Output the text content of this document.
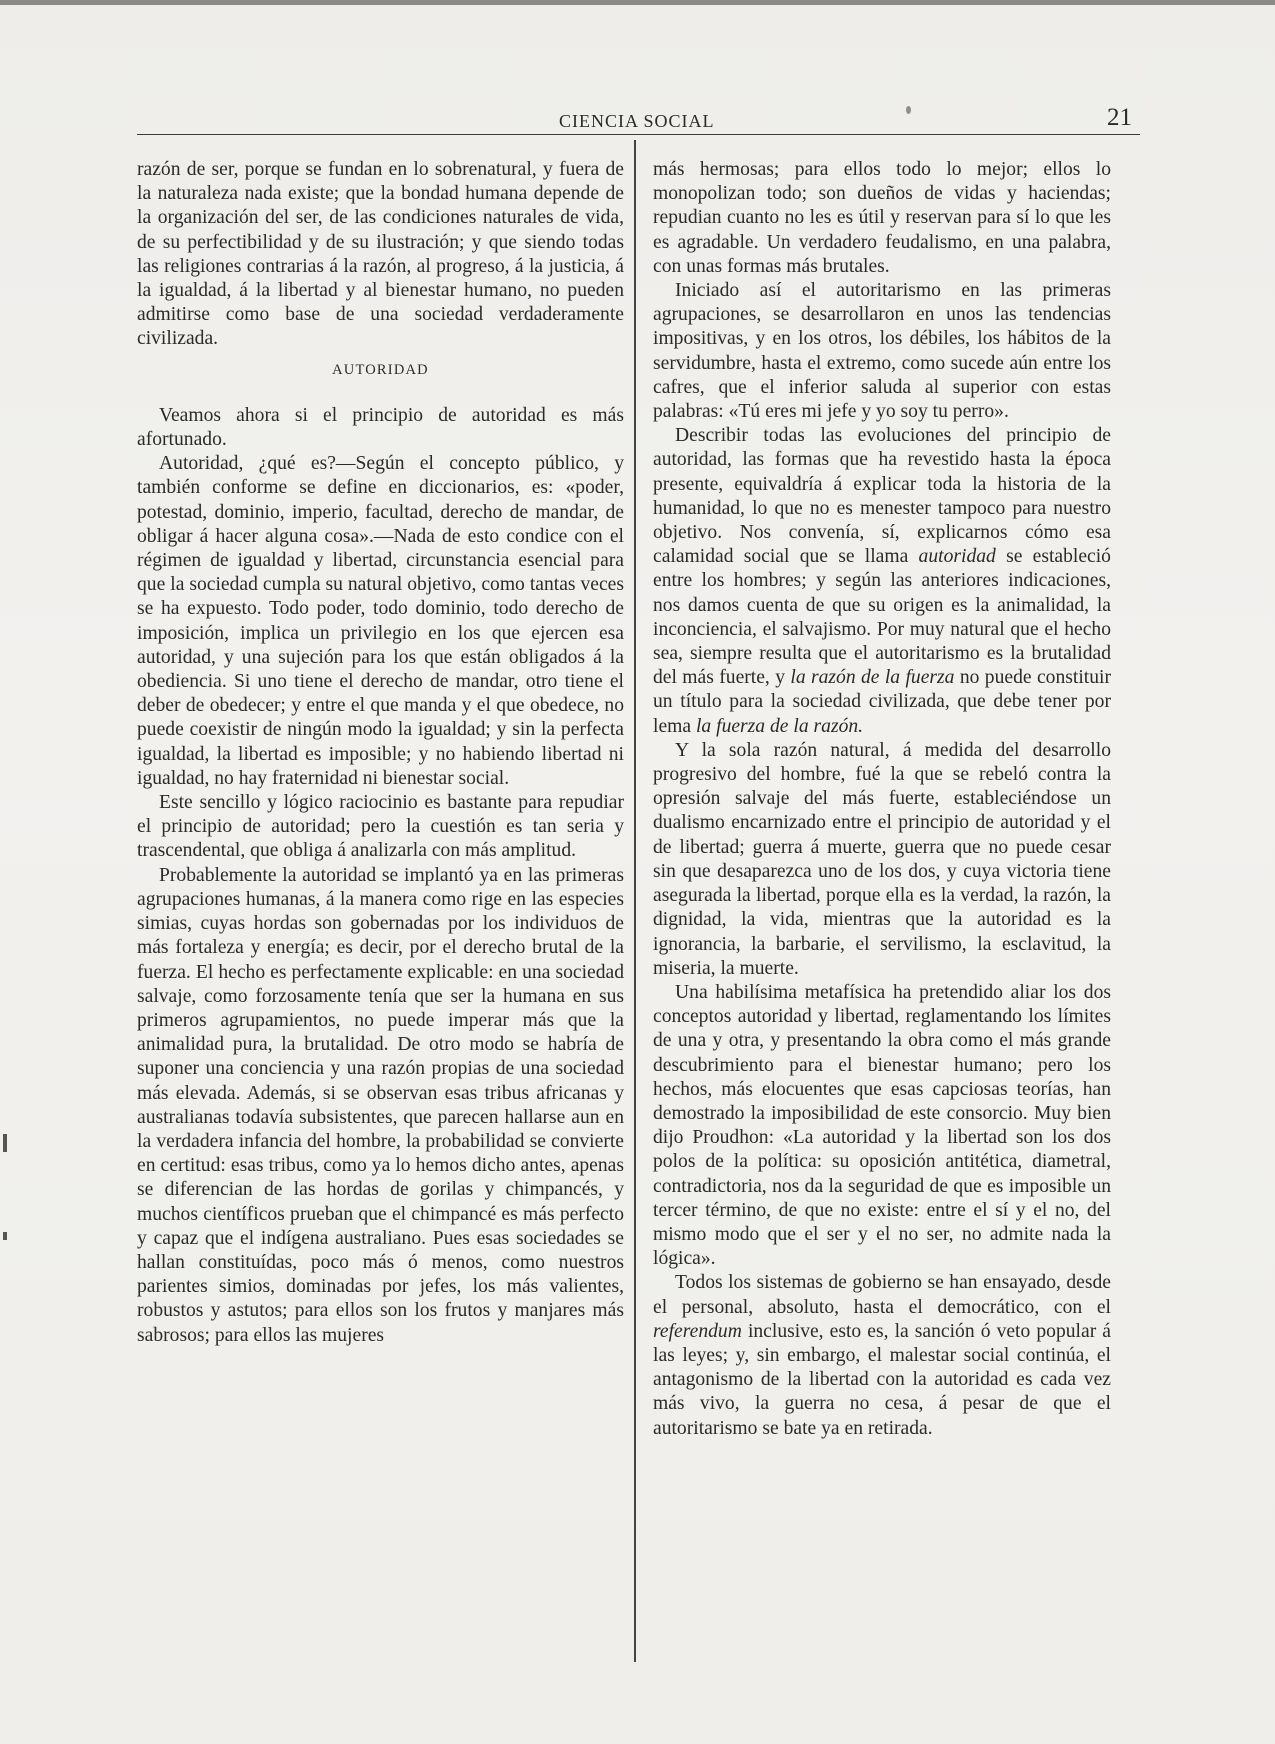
CIENCIA SOCIAL	21

razón de ser, porque se fundan en lo sobrenatural, y fuera de la naturaleza nada existe; que la bondad humana depende de la organización del ser, de las condiciones naturales de vida, de su perfectibilidad y de su ilustración; y que siendo todas las religiones contrarias á la razón, al progreso, á la justicia, á la igualdad, á la libertad y al bienestar humano, no pueden admitirse como base de una sociedad verdaderamente civilizada.

AUTORIDAD

Veamos ahora si el principio de autoridad es más afortunado.

Autoridad, ¿qué es?—Según el concepto público, y también conforme se define en diccionarios, es: «poder, potestad, dominio, imperio, facultad, derecho de mandar, de obligar á hacer alguna cosa».—Nada de esto condice con el régimen de igualdad y libertad, circunstancia esencial para que la sociedad cumpla su natural objetivo, como tantas veces se ha expuesto. Todo poder, todo dominio, todo derecho de imposición, implica un privilegio en los que ejercen esa autoridad, y una sujeción para los que están obligados á la obediencia. Si uno tiene el derecho de mandar, otro tiene el deber de obedecer; y entre el que manda y el que obedece, no puede coexistir de ningún modo la igualdad; y sin la perfecta igualdad, la libertad es imposible; y no habiendo libertad ni igualdad, no hay fraternidad ni bienestar social.

Este sencillo y lógico raciocinio es bastante para repudiar el principio de autoridad; pero la cuestión es tan seria y trascendental, que obliga á analizarla con más amplitud.

Probablemente la autoridad se implantó ya en las primeras agrupaciones humanas, á la manera como rige en las especies simias, cuyas hordas son gobernadas por los individuos de más fortaleza y energía; es decir, por el derecho brutal de la fuerza. El hecho es perfectamente explicable: en una sociedad salvaje, como forzosamente tenía que ser la humana en sus primeros agrupamientos, no puede imperar más que la animalidad pura, la brutalidad. De otro modo se habría de suponer una conciencia y una razón propias de una sociedad más elevada. Además, si se observan esas tribus africanas y australianas todavía subsistentes, que parecen hallarse aun en la verdadera infancia del hombre, la probabilidad se convierte en certitud: esas tribus, como ya lo hemos dicho antes, apenas se diferencian de las hordas de gorilas y chimpancés, y muchos científicos prueban que el chimpancé es más perfecto y capaz que el indígena australiano. Pues esas sociedades se hallan constituídas, poco más ó menos, como nuestros parientes simios, dominadas por jefes, los más valientes, robustos y astutos; para ellos son los frutos y manjares más sabrosos; para ellos las mujeres

más hermosas; para ellos todo lo mejor; ellos lo monopolizan todo; son dueños de vidas y haciendas; repudian cuanto no les es útil y reservan para sí lo que les es agradable. Un verdadero feudalismo, en una palabra, con unas formas más brutales.

Iniciado así el autoritarismo en las primeras agrupaciones, se desarrollaron en unos las tendencias impositivas, y en los otros, los débiles, los hábitos de la servidumbre, hasta el extremo, como sucede aún entre los cafres, que el inferior saluda al superior con estas palabras: «Tú eres mi jefe y yo soy tu perro».

Describir todas las evoluciones del principio de autoridad, las formas que ha revestido hasta la época presente, equivaldría á explicar toda la historia de la humanidad, lo que no es menester tampoco para nuestro objetivo. Nos convenía, sí, explicarnos cómo esa calamidad social que se llama autoridad se estableció entre los hombres; y según las anteriores indicaciones, nos damos cuenta de que su origen es la animalidad, la inconciencia, el salvajismo. Por muy natural que el hecho sea, siempre resulta que el autoritarismo es la brutalidad del más fuerte, y la razón de la fuerza no puede constituir un título para la sociedad civilizada, que debe tener por lema la fuerza de la razón.

Y la sola razón natural, á medida del desarrollo progresivo del hombre, fué la que se rebeló contra la opresión salvaje del más fuerte, estableciéndose un dualismo encarnizado entre el principio de autoridad y el de libertad; guerra á muerte, guerra que no puede cesar sin que desaparezca uno de los dos, y cuya victoria tiene asegurada la libertad, porque ella es la verdad, la razón, la dignidad, la vida, mientras que la autoridad es la ignorancia, la barbarie, el servilismo, la esclavitud, la miseria, la muerte.

Una habilísima metafísica ha pretendido aliar los dos conceptos autoridad y libertad, reglamentando los límites de una y otra, y presentando la obra como el más grande descubrimiento para el bienestar humano; pero los hechos, más elocuentes que esas capciosas teorías, han demostrado la imposibilidad de este consorcio. Muy bien dijo Proudhon: «La autoridad y la libertad son los dos polos de la política: su oposición antitética, diametral, contradictoria, nos da la seguridad de que es imposible un tercer término, de que no existe: entre el sí y el no, del mismo modo que el ser y el no ser, no admite nada la lógica».

Todos los sistemas de gobierno se han ensayado, desde el personal, absoluto, hasta el democrático, con el referendum inclusive, esto es, la sanción ó veto popular á las leyes; y, sin embargo, el malestar social continúa, el antagonismo de la libertad con la autoridad es cada vez más vivo, la guerra no cesa, á pesar de que el autoritarismo se bate ya en retirada.
